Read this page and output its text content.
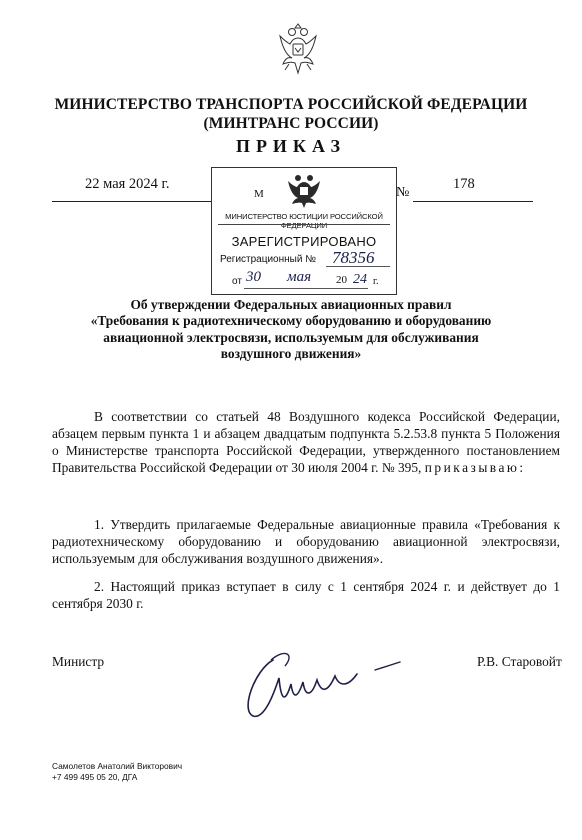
МИНИСТЕРСТВО ТРАНСПОРТА РОССИЙСКОЙ ФЕДЕРАЦИИ
(МИНТРАНС РОССИИ)
ПРИКАЗ
22 мая 2024 г.
№
178
М
МИНИСТЕРСТВО ЮСТИЦИИ РОССИЙСКОЙ ФЕДЕРАЦИИ
ЗАРЕГИСТРИРОВАНО
Регистрационный № 78356
от 30 мая 20 24 г.
Об утверждении Федеральных авиационных правил
«Требования к радиотехническому оборудованию и оборудованию
авиационной электросвязи, используемым для обслуживания
воздушного движения»
В соответствии со статьей 48 Воздушного кодекса Российской Федерации, абзацем первым пункта 1 и абзацем двадцатым подпункта 5.2.53.8 пункта 5 Положения о Министерстве транспорта Российской Федерации, утвержденного постановлением Правительства Российской Федерации от 30 июля 2004 г. № 395, приказываю:
1. Утвердить прилагаемые Федеральные авиационные правила «Требования к радиотехническому оборудованию и оборудованию авиационной электросвязи, используемым для обслуживания воздушного движения».
2. Настоящий приказ вступает в силу с 1 сентября 2024 г. и действует до 1 сентября 2030 г.
Министр	Р.В. Старовойт
Самолетов Анатолий Викторович
+7 499 495 05 20, ДГА
